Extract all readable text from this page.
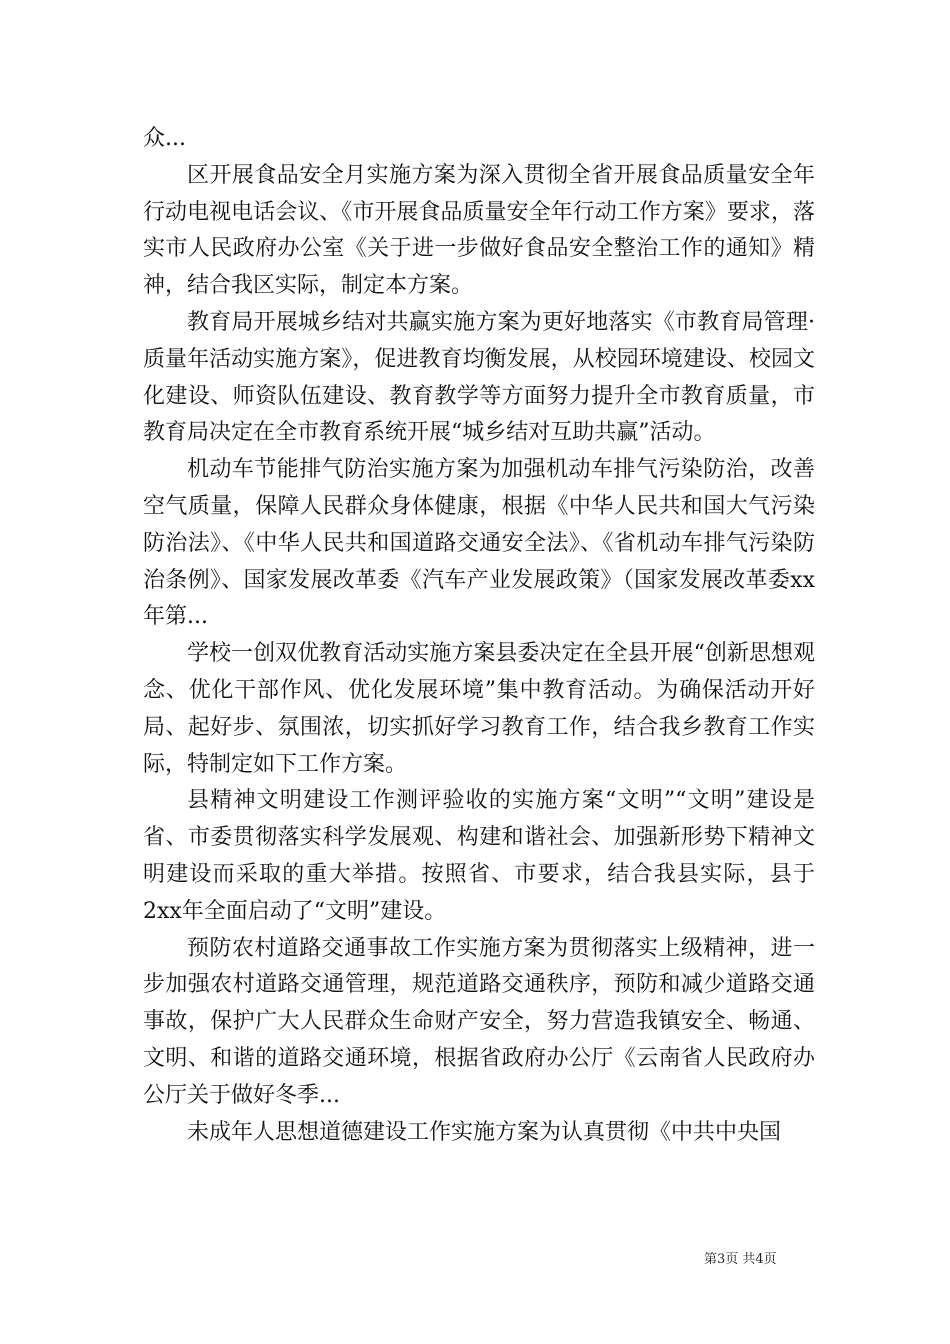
众...

区开展食品安全月实施方案为深入贯彻全省开展食品质量安全年行动电视电话会议、《市开展食品质量安全年行动工作方案》要求，落实市人民政府办公室《关于进一步做好食品安全整治工作的通知》精神，结合我区实际，制定本方案。

教育局开展城乡结对共赢实施方案为更好地落实《市教育局管理·质量年活动实施方案》，促进教育均衡发展，从校园环境建设、校园文化建设、师资队伍建设、教育教学等方面努力提升全市教育质量，市教育局决定在全市教育系统开展“城乡结对互助共赢”活动。

机动车节能排气防治实施方案为加强机动车排气污染防治，改善空气质量，保障人民群众身体健康，根据《中华人民共和国大气污染防治法》、《中华人民共和国道路交通安全法》、《省机动车排气污染防治条例》、国家发展改革委《汽车产业发展政策》（国家发展改革委xx年第...

学校一创双优教育活动实施方案县委决定在全县开展“创新思想观念、优化干部作风、优化发展环境”集中教育活动。为确保活动开好局、起好步、氛围浓，切实抓好学习教育工作，结合我乡教育工作实际，特制定如下工作方案。

县精神文明建设工作测评验收的实施方案“文明”“文明”建设是省、市委贯彻落实科学发展观、构建和谐社会、加强新形势下精神文明建设而采取的重大举措。按照省、市要求，结合我县实际，县于2xx年全面启动了“文明”建设。

预防农村道路交通事故工作实施方案为贯彻落实上级精神，进一步加强农村道路交通管理，规范道路交通秩序，预防和减少道路交通事故，保护广大人民群众生命财产安全，努力营造我镇安全、畅通、文明、和谐的道路交通环境，根据省政府办公厅《云南省人民政府办公厅关于做好冬季...

未成年人思想道德建设工作实施方案为认真贯彻《中共中央国

第3页 共4页
